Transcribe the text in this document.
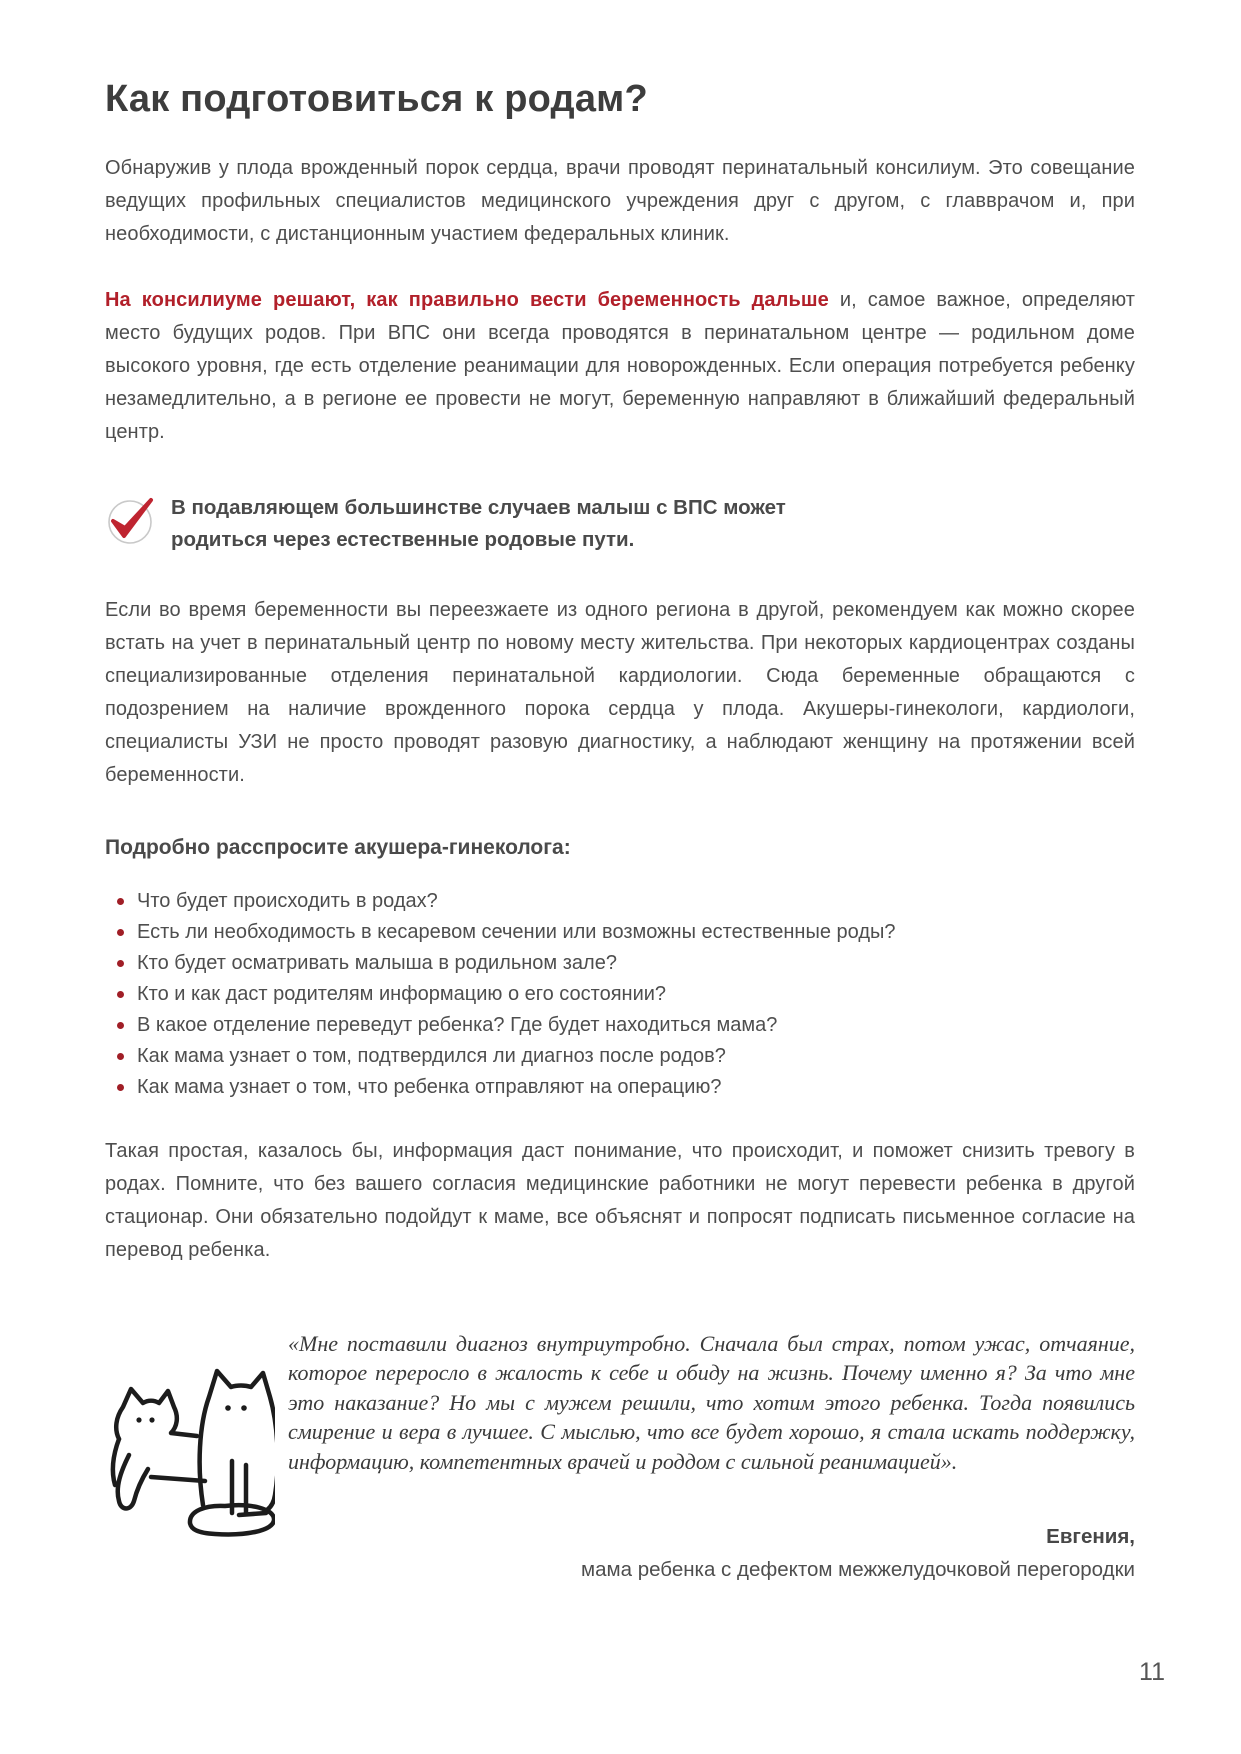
Как подготовиться к родам?

Обнаружив у плода врожденный порок сердца, врачи проводят перинатальный консилиум. Это совещание ведущих профильных специалистов медицинского учреждения друг с другом, с главврачом и, при необходимости, с дистанционным участием федеральных клиник.

На консилиуме решают, как правильно вести беременность дальше и, самое важное, определяют место будущих родов. При ВПС они всегда проводятся в перинатальном центре — родильном доме высокого уровня, где есть отделение реанимации для новорожденных. Если операция потребуется ребенку незамедлительно, а в регионе ее провести не могут, беременную направляют в ближайший федеральный центр.

В подавляющем большинстве случаев малыш с ВПС может родиться через естественные родовые пути.

Если во время беременности вы переезжаете из одного региона в другой, рекомендуем как можно скорее встать на учет в перинатальный центр по новому месту жительства. При некоторых кардиоцентрах созданы специализированные отделения перинатальной кардиологии. Сюда беременные обращаются с подозрением на наличие врожденного порока сердца у плода. Акушеры-гинекологи, кардиологи, специалисты УЗИ не просто проводят разовую диагностику, а наблюдают женщину на протяжении всей беременности.

Подробно расспросите акушера-гинеколога:

Что будет происходить в родах?
Есть ли необходимость в кесаревом сечении или возможны естественные роды?
Кто будет осматривать малыша в родильном зале?
Кто и как даст родителям информацию о его состоянии?
В какое отделение переведут ребенка? Где будет находиться мама?
Как мама узнает о том, подтвердился ли диагноз после родов?
Как мама узнает о том, что ребенка отправляют на операцию?

Такая простая, казалось бы, информация даст понимание, что происходит, и поможет снизить тревогу в родах. Помните, что без вашего согласия медицинские работники не могут перевести ребенка в другой стационар. Они обязательно подойдут к маме, все объяснят и попросят подписать письменное согласие на перевод ребенка.

«Мне поставили диагноз внутриутробно. Сначала был страх, потом ужас, отчаяние, которое переросло в жалость к себе и обиду на жизнь. Почему именно я? За что мне это наказание? Но мы с мужем решили, что хотим этого ребенка. Тогда появились смирение и вера в лучшее. С мыслью, что все будет хорошо, я стала искать поддержку, информацию, компетентных врачей и роддом с сильной реанимацией».
Евгения,
мама ребенка с дефектом межжелудочковой перегородки
11
